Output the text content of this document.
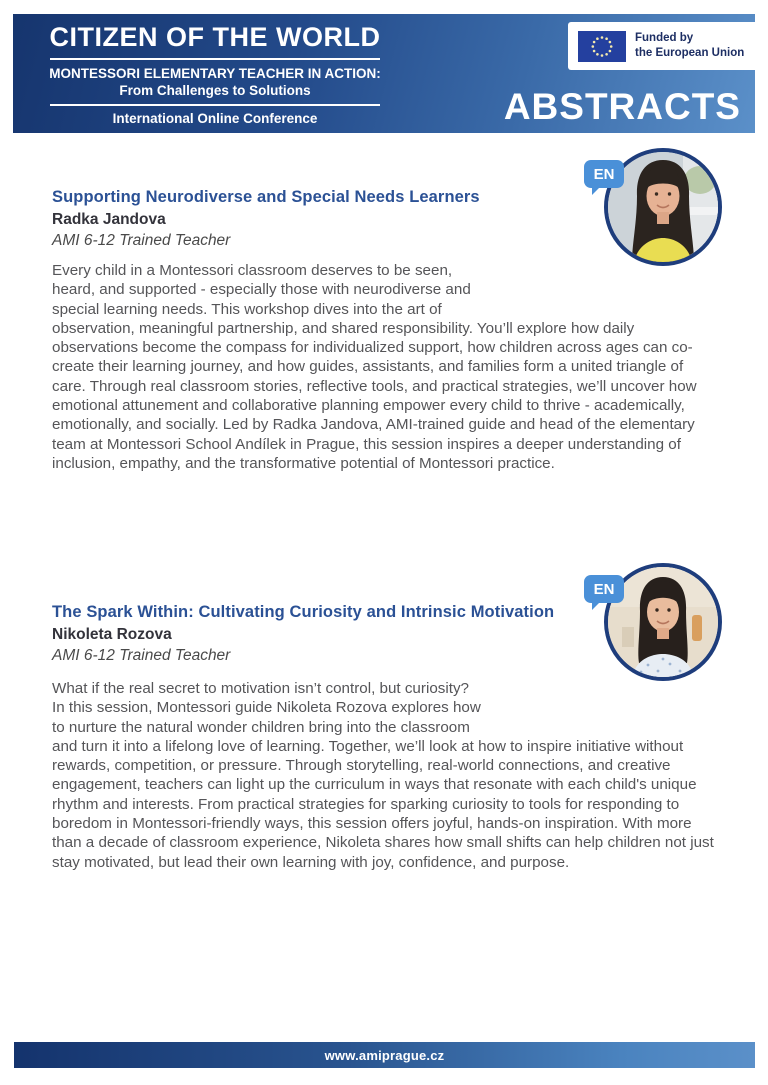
CITIZEN OF THE WORLD
MONTESSORI ELEMENTARY TEACHER IN ACTION:
From Challenges to Solutions
International Online Conference
Funded by
the European Union
ABSTRACTS
EN
Supporting Neurodiverse and Special Needs Learners
Radka Jandova
AMI 6-12 Trained Teacher

Every child in a Montessori classroom deserves to be seen, heard, and supported - especially those with neurodiverse and special learning needs. This workshop dives into the art of observation, meaningful partnership, and shared responsibility. You’ll explore how daily observations become the compass for individualized support, how children across ages can co-create their learning journey, and how guides, assistants, and families form a united triangle of care. Through real classroom stories, reflective tools, and practical strategies, we’ll uncover how emotional attunement and collaborative planning empower every child to thrive - academically, emotionally, and socially. Led by Radka Jandova, AMI-trained guide and head of the elementary team at Montessori School Andílek in Prague, this session inspires a deeper understanding of inclusion, empathy, and the transformative potential of Montessori practice.

EN
The Spark Within: Cultivating Curiosity and Intrinsic Motivation
Nikoleta Rozova
AMI 6-12 Trained Teacher

What if the real secret to motivation isn’t control, but curiosity? In this session, Montessori guide Nikoleta Rozova explores how to nurture the natural wonder children bring into the classroom and turn it into a lifelong love of learning. Together, we’ll look at how to inspire initiative without rewards, competition, or pressure. Through storytelling, real-world connections, and creative engagement, teachers can light up the curriculum in ways that resonate with each child's unique rhythm and interests. From practical strategies for sparking curiosity to tools for responding to boredom in Montessori-friendly ways, this session offers joyful, hands-on inspiration. With more than a decade of classroom experience, Nikoleta shares how small shifts can help children not just stay motivated, but lead their own learning with joy, confidence, and purpose.

www.amiprague.cz
